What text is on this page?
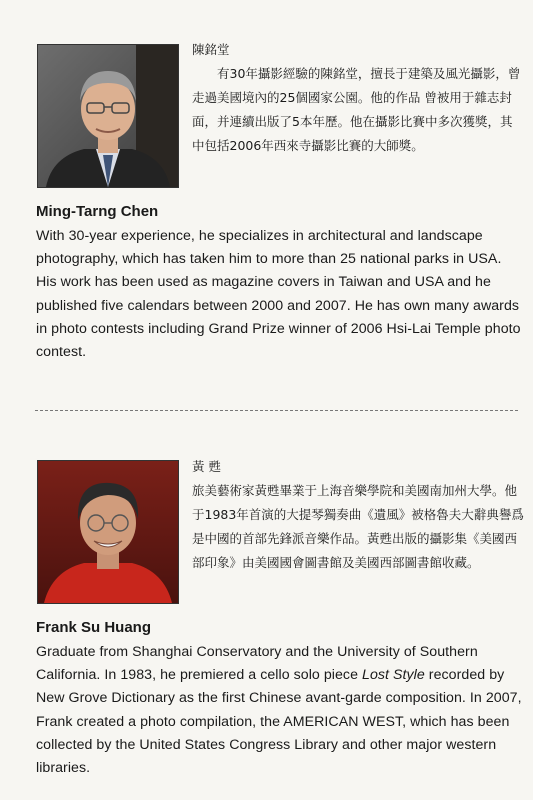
陳銘堂
有30年攝影經驗的陳銘堂，擅長于建築及風光攝影，曾走過美國境內的25個國家公園。他的作品 曾被用于雜志封面，并連續出版了5本年歷。他在攝影比賽中多次獲獎，其中包括2006年西來寺攝影比賽的大師獎。
Ming-Tarng Chen
With 30-year experience, he specializes in architectural and landscape photography, which has taken him to more than 25 national parks in USA. His work has been used as magazine covers in Taiwan and USA and he published five calendars between 2000 and 2007. He has own many awards in photo contests including Grand Prize winner of 2006 Hsi-Lai Temple photo contest.
黃 甦
旅美藝術家黃甦畢業于上海音樂學院和美國南加州大學。他于1983年首演的大提琴獨奏曲《遺風》被格魯夫大辭典譽爲是中國的首部先鋒派音樂作品。黃甦出版的攝影集《美國西部印象》由美國國會圖書館及美國西部圖書館收藏。
Frank Su Huang
Graduate from Shanghai Conservatory and the University of Southern California. In 1983, he premiered a cello solo piece Lost Style recorded by New Grove Dictionary as the first Chinese avant-garde composition. In 2007, Frank created a photo compilation, the AMERICAN WEST, which has been collected by the United States Congress Library and other major western libraries.
